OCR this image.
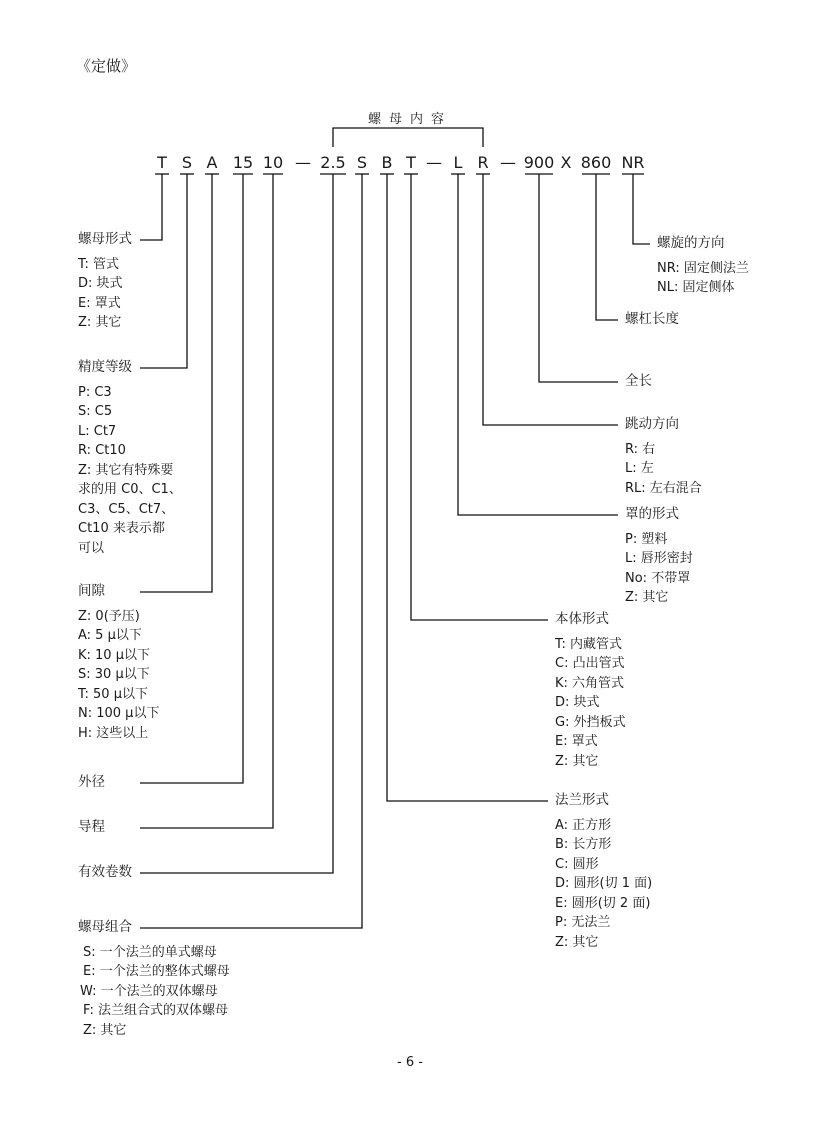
《定做》
螺母内容
T S A 15 10 — 2.5 S B T — L R — 900 X 860 NR
螺母形式
T: 管式
D: 块式
E: 罩式
Z: 其它
精度等级
P: C3
S: C5
L: Ct7
R: Ct10
Z: 其它有特殊要
求的用 C0、C1、
C3、C5、Ct7、
Ct10 来表示都
可以
间隙
Z: 0(予压)
A: 5 μ以下
K: 10 μ以下
S: 30 μ以下
T: 50 μ以下
N: 100 μ以下
H: 这些以上
外径
导程
有效卷数
螺母组合
S: 一个法兰的单式螺母
E: 一个法兰的整体式螺母
W: 一个法兰的双体螺母
F: 法兰组合式的双体螺母
Z: 其它
螺旋的方向
NR: 固定侧法兰
NL: 固定侧体
螺杠长度
全长
跳动方向
R: 右
L: 左
RL: 左右混合
罩的形式
P: 塑料
L: 唇形密封
No: 不带罩
Z: 其它
本体形式
T: 内藏管式
C: 凸出管式
K: 六角管式
D: 块式
G: 外挡板式
E: 罩式
Z: 其它
法兰形式
A: 正方形
B: 长方形
C: 圆形
D: 圆形(切 1 面)
E: 圆形(切 2 面)
P: 无法兰
Z: 其它
- 6 -
